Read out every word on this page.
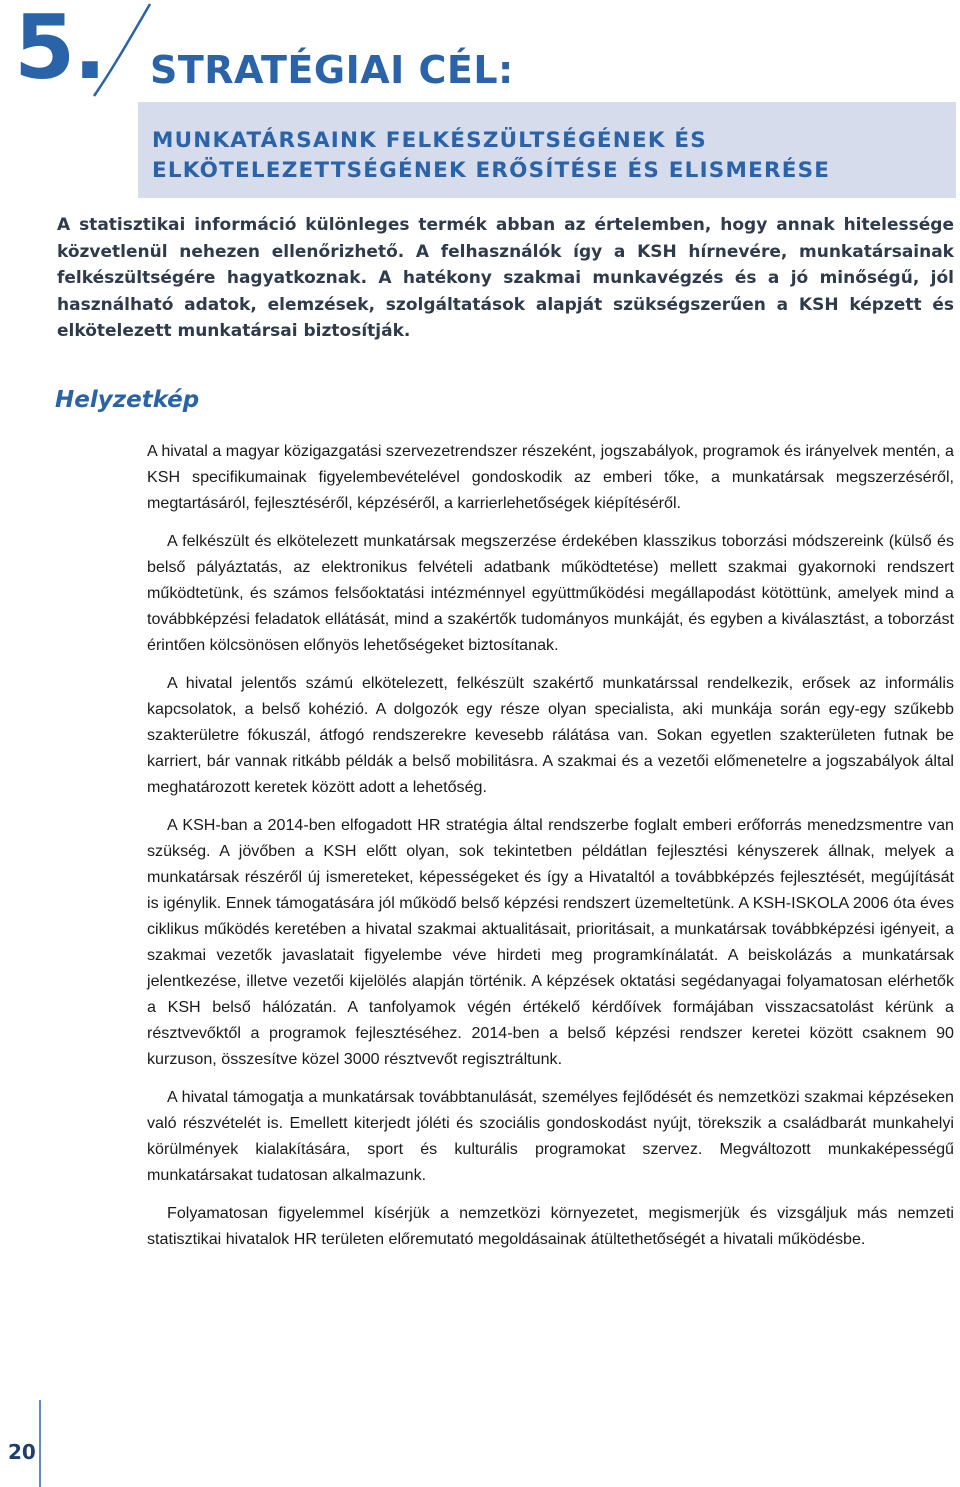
5. STRATÉGIAI CÉL:
MUNKATÁRSAINK FELKÉSZÜLTSÉGÉNEK ÉS ELKÖTELEZETTSÉGÉNEK ERŐSÍTÉSE ÉS ELISMERÉSE
A statisztikai információ különleges termék abban az értelemben, hogy annak hitelessége közvetlenül nehezen ellenőrizhető. A felhasználók így a KSH hírnevére, munkatársainak felkészültségére hagyatkoznak. A hatékony szakmai munkavégzés és a jó minőségű, jól használható adatok, elemzések, szolgáltatások alapját szükségszerűen a KSH képzett és elkötelezett munkatársai biztosítják.
Helyzetkép

A hivatal a magyar közigazgatási szervezetrendszer részeként, jogszabályok, programok és irányelvek mentén, a KSH specifikumainak figyelembevételével gondoskodik az emberi tőke, a munkatársak megszerzéséről, megtartásáról, fejlesztéséről, képzéséről, a karrierlehetőségek kiépítéséről.

A felkészült és elkötelezett munkatársak megszerzése érdekében klasszikus toborzási módszereink (külső és belső pályáztatás, az elektronikus felvételi adatbank működtetése) mellett szakmai gyakornoki rendszert működtetünk, és számos felsőoktatási intézménnyel együttműködési megállapodást kötöttünk, amelyek mind a továbbképzési feladatok ellátását, mind a szakértők tudományos munkáját, és egyben a kiválasztást, a toborzást érintően kölcsönösen előnyös lehetőségeket biztosítanak.

A hivatal jelentős számú elkötelezett, felkészült szakértő munkatárssal rendelkezik, erősek az informális kapcsolatok, a belső kohézió. A dolgozók egy része olyan specialista, aki munkája során egy-egy szűkebb szakterületre fókuszál, átfogó rendszerekre kevesebb rálátása van. Sokan egyetlen szakterületen futnak be karriert, bár vannak ritkább példák a belső mobilitásra. A szakmai és a vezetői előmenetelre a jogszabályok által meghatározott keretek között adott a lehetőség.

A KSH-ban a 2014-ben elfogadott HR stratégia által rendszerbe foglalt emberi erőforrás menedzsmentre van szükség. A jövőben a KSH előtt olyan, sok tekintetben példátlan fejlesztési kényszerek állnak, melyek a munkatársak részéről új ismereteket, képességeket és így a Hivataltól a továbbképzés fejlesztését, megújítását is igénylik. Ennek támogatására jól működő belső képzési rendszert üzemeltetünk. A KSH-ISKOLA 2006 óta éves ciklikus működés keretében a hivatal szakmai aktualitásait, prioritásait, a munkatársak továbbképzési igényeit, a szakmai vezetők javaslatait figyelembe véve hirdeti meg programkínálatát. A beiskolázás a munkatársak jelentkezése, illetve vezetői kijelölés alapján történik. A képzések oktatási segédanyagai folyamatosan elérhetők a KSH belső hálózatán. A tanfolyamok végén értékelő kérdőívek formájában visszacsatolást kérünk a résztvevőktől a programok fejlesztéséhez. 2014-ben a belső képzési rendszer keretei között csaknem 90 kurzuson, összesítve közel 3000 résztvevőt regisztráltunk.

A hivatal támogatja a munkatársak továbbtanulását, személyes fejlődését és nemzetközi szakmai képzéseken való részvételét is. Emellett kiterjedt jóléti és szociális gondoskodást nyújt, törekszik a családbarát munkahelyi körülmények kialakítására, sport és kulturális programokat szervez. Megváltozott munkaképességű munkatársakat tudatosan alkalmazunk.

Folyamatosan figyelemmel kísérjük a nemzetközi környezetet, megismerjük és vizsgáljuk más nemzeti statisztikai hivatalok HR területen előremutató megoldásainak átültethetőségét a hivatali működésbe.

20
